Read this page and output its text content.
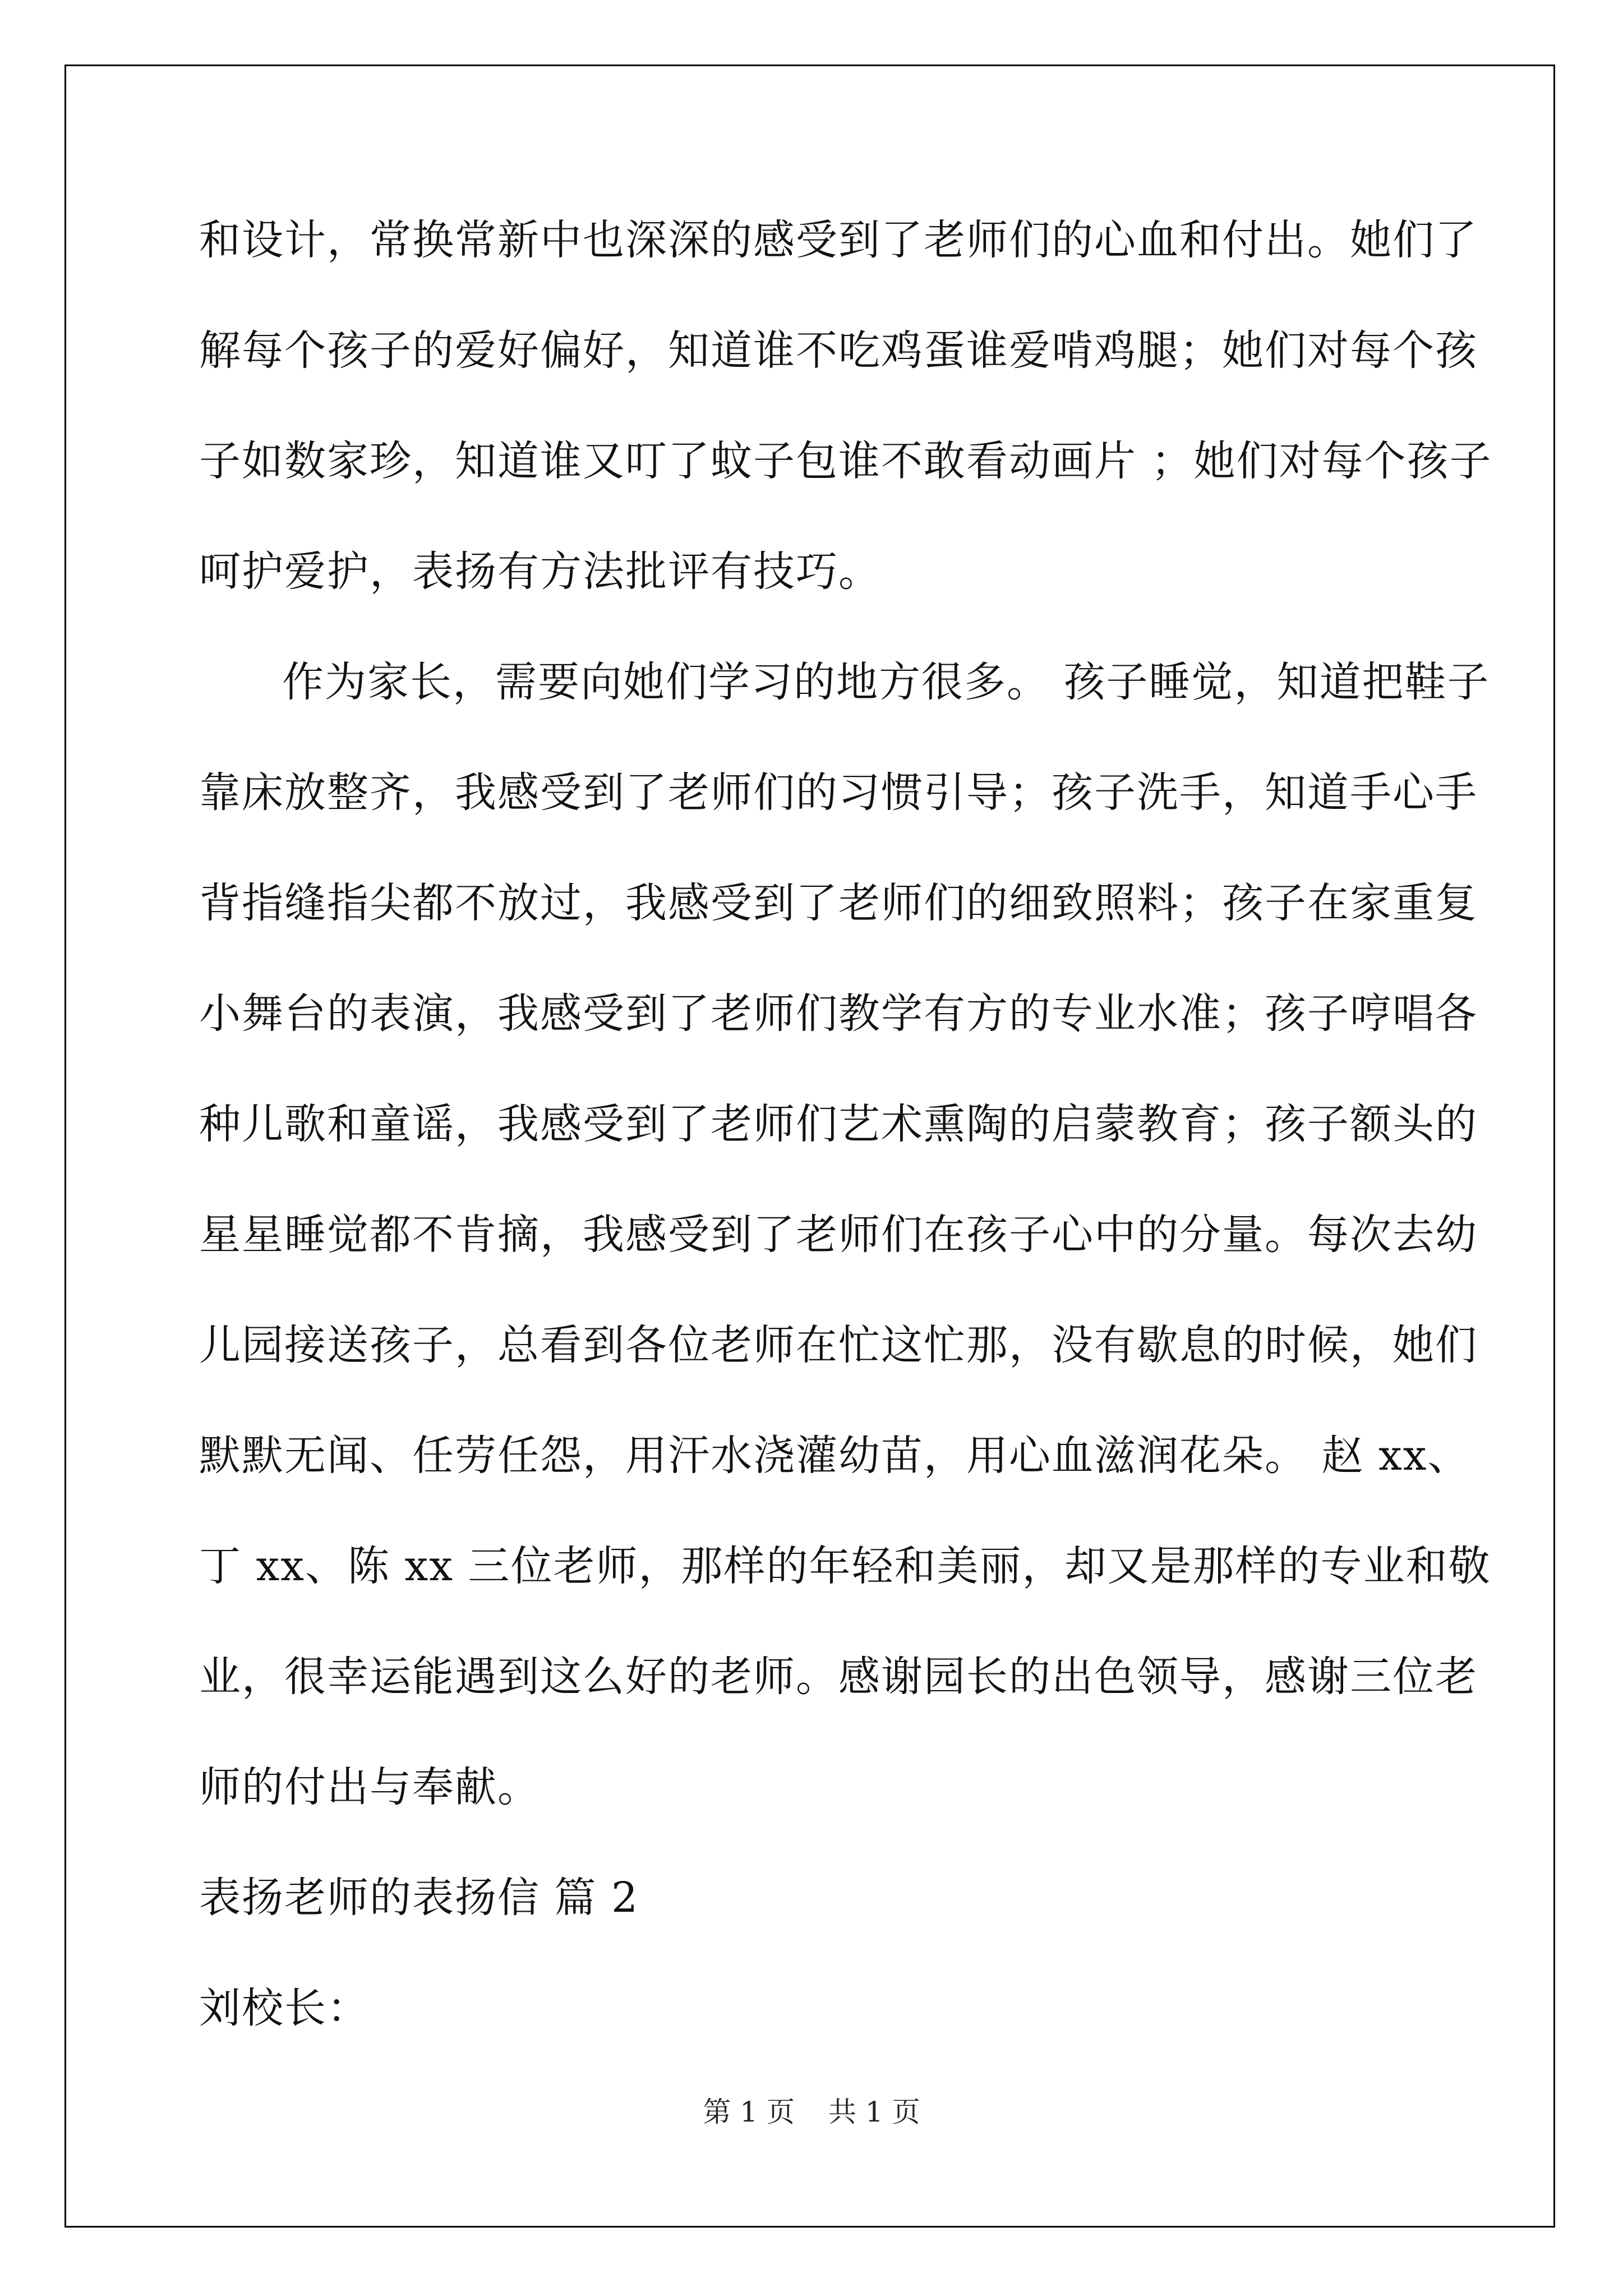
和设计，常换常新中也深深的感受到了老师们的心血和付出。她们了
解每个孩子的爱好偏好，知道谁不吃鸡蛋谁爱啃鸡腿；她们对每个孩
子如数家珍，知道谁又叮了蚊子包谁不敢看动画片 ；她们对每个孩子
呵护爱护，表扬有方法批评有技巧。
作为家长，需要向她们学习的地方很多。 孩子睡觉，知道把鞋子
靠床放整齐，我感受到了老师们的习惯引导；孩子洗手，知道手心手
背指缝指尖都不放过，我感受到了老师们的细致照料；孩子在家重复
小舞台的表演，我感受到了老师们教学有方的专业水准；孩子哼唱各
种儿歌和童谣，我感受到了老师们艺术熏陶的启蒙教育；孩子额头的
星星睡觉都不肯摘，我感受到了老师们在孩子心中的分量。每次去幼
儿园接送孩子，总看到各位老师在忙这忙那，没有歇息的时候，她们
默默无闻、任劳任怨，用汗水浇灌幼苗，用心血滋润花朵。 赵 xx、
丁 xx、陈 xx 三位老师，那样的年轻和美丽，却又是那样的专业和敬
业，很幸运能遇到这么好的老师。感谢园长的出色领导，感谢三位老
师的付出与奉献。
表扬老师的表扬信 篇 2
刘校长：
第 1 页 共 1 页
